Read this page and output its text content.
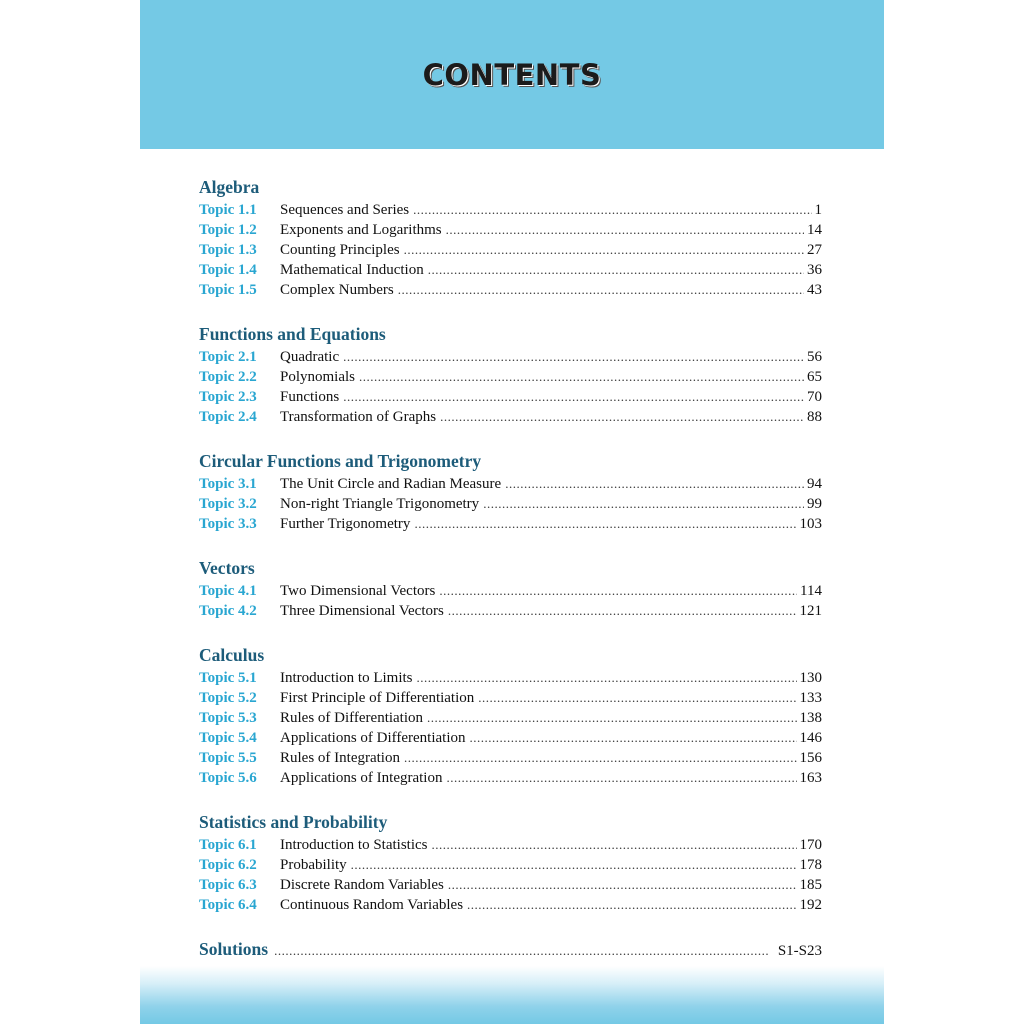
CONTENTS
Algebra
Topic 1.1	Sequences and Series .....	1
Topic 1.2	Exponents and Logarithms .....	14
Topic 1.3	Counting Principles .....	27
Topic 1.4	Mathematical Induction .....	36
Topic 1.5	Complex Numbers .....	43
Functions and Equations
Topic 2.1	Quadratic .....	56
Topic 2.2	Polynomials .....	65
Topic 2.3	Functions .....	70
Topic 2.4	Transformation of Graphs .....	88
Circular Functions and Trigonometry
Topic 3.1	The Unit Circle and Radian Measure .....	94
Topic 3.2	Non-right Triangle Trigonometry .....	99
Topic 3.3	Further Trigonometry .....	103
Vectors
Topic 4.1	Two Dimensional Vectors .....	114
Topic 4.2	Three Dimensional Vectors .....	121
Calculus
Topic 5.1	Introduction to Limits .....	130
Topic 5.2	First Principle of Differentiation .....	133
Topic 5.3	Rules of Differentiation .....	138
Topic 5.4	Applications of Differentiation .....	146
Topic 5.5	Rules of Integration .....	156
Topic 5.6	Applications of Integration .....	163
Statistics and Probability
Topic 6.1	Introduction to Statistics .....	170
Topic 6.2	Probability .....	178
Topic 6.3	Discrete Random Variables .....	185
Topic 6.4	Continuous Random Variables .....	192
Solutions .....	S1-S23
